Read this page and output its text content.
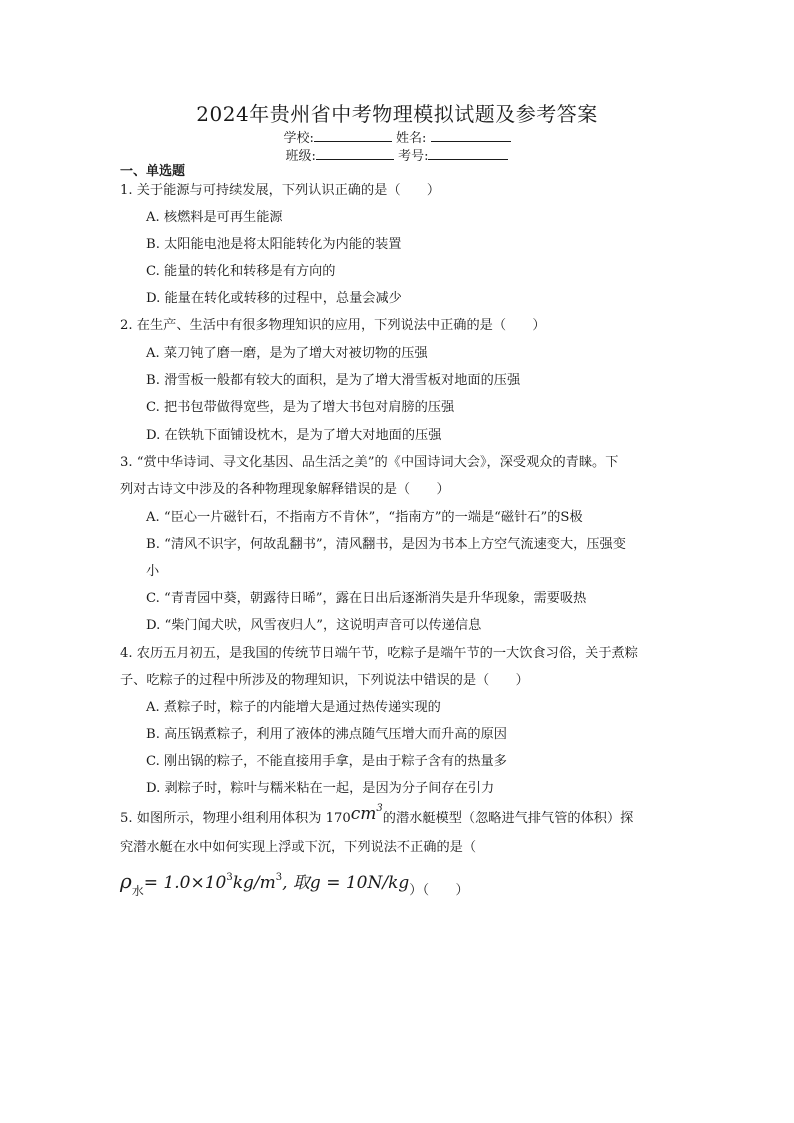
2024年贵州省中考物理模拟试题及参考答案
学校:	姓名:
班级:	考号:
一、单选题
1. 关于能源与可持续发展，下列认识正确的是（　　）
A. 核燃料是可再生能源
B. 太阳能电池是将太阳能转化为内能的装置
C. 能量的转化和转移是有方向的
D. 能量在转化或转移的过程中，总量会减少
2. 在生产、生活中有很多物理知识的应用，下列说法中正确的是（　　）
A. 菜刀钝了磨一磨，是为了增大对被切物的压强
B. 滑雪板一般都有较大的面积，是为了增大滑雪板对地面的压强
C. 把书包带做得宽些，是为了增大书包对肩膀的压强
D. 在铁轨下面铺设枕木，是为了增大对地面的压强
3. “赏中华诗词、寻文化基因、品生活之美”的《中国诗词大会》，深受观众的青睐。下
列对古诗文中涉及的各种物理现象解释错误的是（　　）
A. “臣心一片磁针石，不指南方不肯休”，“指南方”的一端是“磁针石”的S极
B. “清风不识字，何故乱翻书”，清风翻书，是因为书本上方空气流速变大，压强变
小
C. “青青园中葵，朝露待日晞”，露在日出后逐渐消失是升华现象，需要吸热
D. “柴门闻犬吠，风雪夜归人”，这说明声音可以传递信息
4. 农历五月初五，是我国的传统节日端午节，吃粽子是端午节的一大饮食习俗，关于煮粽
子、吃粽子的过程中所涉及的物理知识，下列说法中错误的是（　　）
A. 煮粽子时，粽子的内能增大是通过热传递实现的
B. 高压锅煮粽子，利用了液体的沸点随气压增大而升高的原因
C. 刚出锅的粽子，不能直接用手拿，是由于粽子含有的热量多
D. 剥粽子时，粽叶与糯米粘在一起，是因为分子间存在引力
5. 如图所示，物理小组利用体积为 $170cm^3$的潜水艇模型（忽略进气排气管的体积）探
究潜水艇在水中如何实现上浮或下沉，下列说法不正确的是（
$\rho_水= 1.0\times 10^3kg/m^3$, 取$g = 10N/kg_{)( )}$
